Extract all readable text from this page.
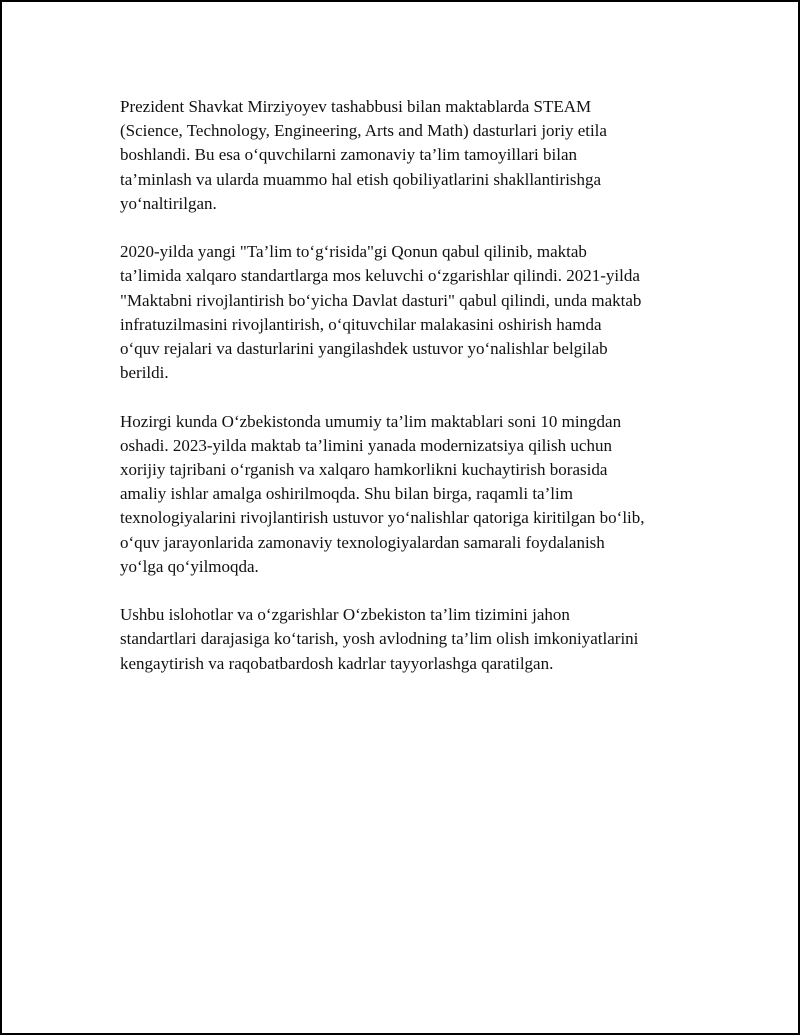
Prezident Shavkat Mirziyoyev tashabbusi bilan maktablarda STEAM
(Science, Technology, Engineering, Arts and Math) dasturlari joriy etila
boshlandi. Bu esa o‘quvchilarni zamonaviy ta’lim tamoyillari bilan
ta’minlash va ularda muammo hal etish qobiliyatlarini shakllantirishga
yo‘naltirilgan.

2020-yilda yangi "Ta’lim to‘g‘risida"gi Qonun qabul qilinib, maktab
ta’limida xalqaro standartlarga mos keluvchi o‘zgarishlar qilindi. 2021-yilda
"Maktabni rivojlantirish bo‘yicha Davlat dasturi" qabul qilindi, unda maktab
infratuzilmasini rivojlantirish, o‘qituvchilar malakasini oshirish hamda
o‘quv rejalari va dasturlarini yangilashdek ustuvor yo‘nalishlar belgilab
berildi.

Hozirgi kunda O‘zbekistonda umumiy ta’lim maktablari soni 10 mingdan
oshadi. 2023-yilda maktab ta’limini yanada modernizatsiya qilish uchun
xorijiy tajribani o‘rganish va xalqaro hamkorlikni kuchaytirish borasida
amaliy ishlar amalga oshirilmoqda. Shu bilan birga, raqamli ta’lim
texnologiyalarini rivojlantirish ustuvor yo‘nalishlar qatoriga kiritilgan bo‘lib,
o‘quv jarayonlarida zamonaviy texnologiyalardan samarali foydalanish
yo‘lga qo‘yilmoqda.

Ushbu islohotlar va o‘zgarishlar O‘zbekiston ta’lim tizimini jahon
standartlari darajasiga ko‘tarish, yosh avlodning ta’lim olish imkoniyatlarini
kengaytirish va raqobatbardosh kadrlar tayyorlashga qaratilgan.
